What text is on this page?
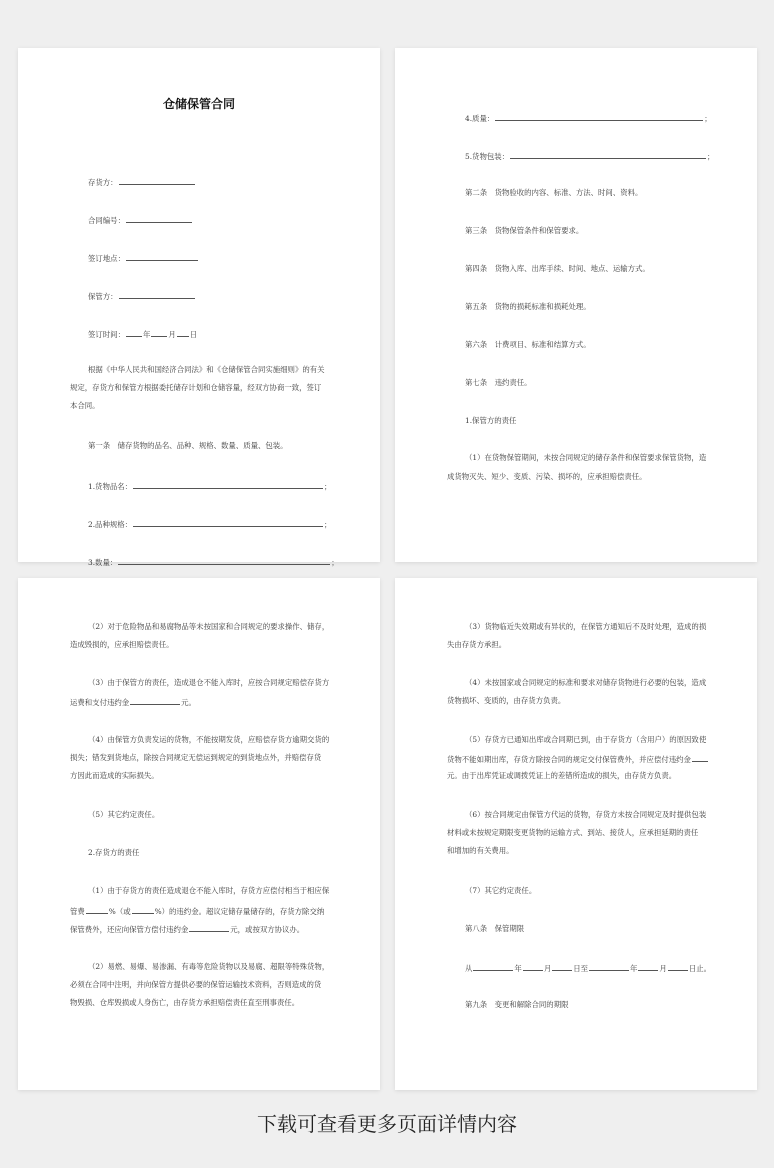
仓储保管合同
存货方：
合同编号：
签订地点：
保管方：
签订时间： 年 月 日
根据《中华人民共和国经济合同法》和《仓储保管合同实施细则》的有关
规定，存货方和保管方根据委托储存计划和仓储容量，经双方协商一致，签订
本合同。
第一条　储存货物的品名、品种、规格、数量、质量、包装。
1.货物品名：	；
2.品种规格：	；
3.数量：	；
4.质量：	；
5.货物包装：	；
第二条　货物验收的内容、标准、方法、时间、资料。
第三条　货物保管条件和保管要求。
第四条　货物入库、出库手续、时间、地点、运输方式。
第五条　货物的损耗标准和损耗处理。
第六条　计费项目、标准和结算方式。
第七条　违约责任。
1.保管方的责任
（1）在货物保管期间，未按合同规定的储存条件和保管要求保管货物，造
成货物灭失、短少、变质、污染、损坏的，应承担赔偿责任。
（2）对于危险物品和易腐物品等未按国家和合同规定的要求操作、储存，
造成毁损的，应承担赔偿责任。
（3）由于保管方的责任，造成退仓不能入库时，应按合同规定赔偿存货方
运费和支付违约金	元。
（4）由保管方负责发运的货物，不能按期发货，应赔偿存货方逾期交货的
损失；错发到货地点，除按合同规定无偿运到规定的到货地点外，并赔偿存货
方因此而造成的实际损失。
（5）其它约定责任。
2.存货方的责任
（1）由于存货方的责任造成退仓不能入库时，存货方应偿付相当于相应保
管费	%（或	%）的违约金。超议定储存量储存的，存货方除交纳
保管费外，还应向保管方偿付违约金	元，或按双方协议办。
（2）易燃、易爆、易渗漏、有毒等危险货物以及易腐、超限等特殊货物，
必须在合同中注明，并向保管方提供必要的保管运输技术资料，否则造成的货
物毁损、仓库毁损或人身伤亡，由存货方承担赔偿责任直至刑事责任。
（3）货物临近失效期或有异状的，在保管方通知后不及时处理，造成的损
失由存货方承担。
（4）未按国家或合同规定的标准和要求对储存货物进行必要的包装，造成
货物损坏、变质的，由存货方负责。
（5）存货方已通知出库或合同期已到，由于存货方（含用户）的原因致使
货物不能如期出库，存货方除按合同的规定交付保管费外，并应偿付违约金
元。由于出库凭证或调拨凭证上的差错所造成的损失，由存货方负责。
（6）按合同规定由保管方代运的货物，存货方未按合同规定及时提供包装
材料或未按规定期限变更货物的运输方式、到站、接货人，应承担延期的责任
和增加的有关费用。
（7）其它约定责任。
第八条　保管期限
从	年	月	日至	年	月	日止。
第九条　变更和解除合同的期限
下载可查看更多页面详情内容
